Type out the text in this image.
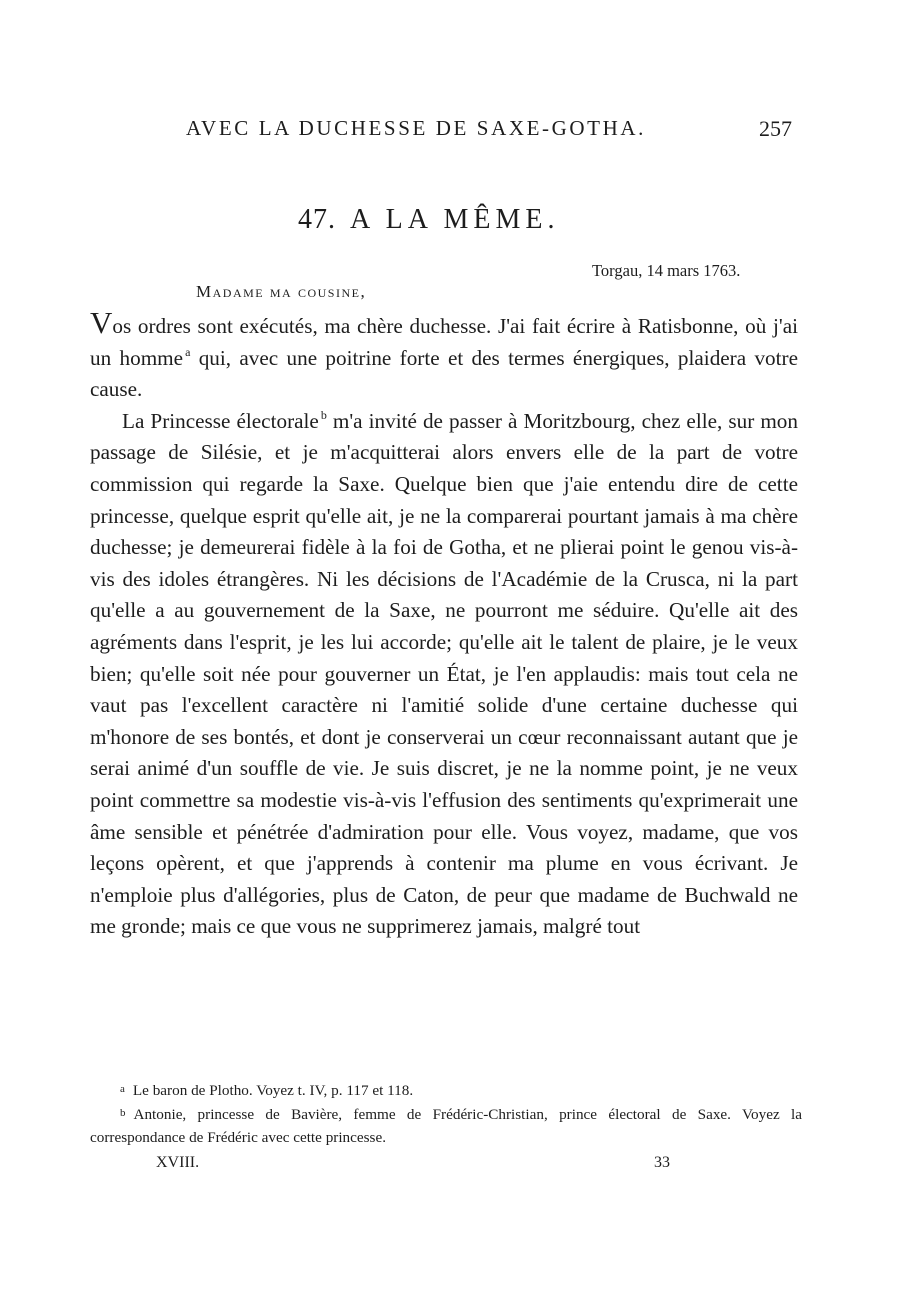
AVEC LA DUCHESSE DE SAXE-GOTHA.	257
47. A LA MÊME.
Torgau, 14 mars 1763.
Madame ma cousine,

Vos ordres sont exécutés, ma chère duchesse. J'ai fait écrire à Ratisbonne, où j'ai un homme $^a$ qui, avec une poitrine forte et des termes énergiques, plaidera votre cause.

La Princesse électorale $^b$ m'a invité de passer à Moritzbourg, chez elle, sur mon passage de Silésie, et je m'acquitterai alors envers elle de la part de votre commission qui regarde la Saxe. Quelque bien que j'aie entendu dire de cette princesse, quelque esprit qu'elle ait, je ne la comparerai pourtant jamais à ma chère duchesse; je demeurerai fidèle à la foi de Gotha, et ne plierai point le genou vis-à-vis des idoles étrangères. Ni les décisions de l'Académie de la Crusca, ni la part qu'elle a au gouvernement de la Saxe, ne pourront me séduire. Qu'elle ait des agréments dans l'esprit, je les lui accorde; qu'elle ait le talent de plaire, je le veux bien; qu'elle soit née pour gouverner un État, je l'en applaudis: mais tout cela ne vaut pas l'excellent caractère ni l'amitié solide d'une certaine duchesse qui m'honore de ses bontés, et dont je conserverai un cœur reconnaissant autant que je serai animé d'un souffle de vie. Je suis discret, je ne la nomme point, je ne veux point commettre sa modestie vis-à-vis l'effusion des sentiments qu'exprimerait une âme sensible et pénétrée d'admiration pour elle. Vous voyez, madame, que vos leçons opèrent, et que j'apprends à contenir ma plume en vous écrivant. Je n'emploie plus d'allégories, plus de Caton, de peur que madame de Buchwald ne me gronde; mais ce que vous ne supprimerez jamais, malgré tout

a Le baron de Plotho. Voyez t. IV, p. 117 et 118.

b Antonie, princesse de Bavière, femme de Frédéric-Christian, prince électoral de Saxe. Voyez la correspondance de Frédéric avec cette princesse.

XVIII.	33
